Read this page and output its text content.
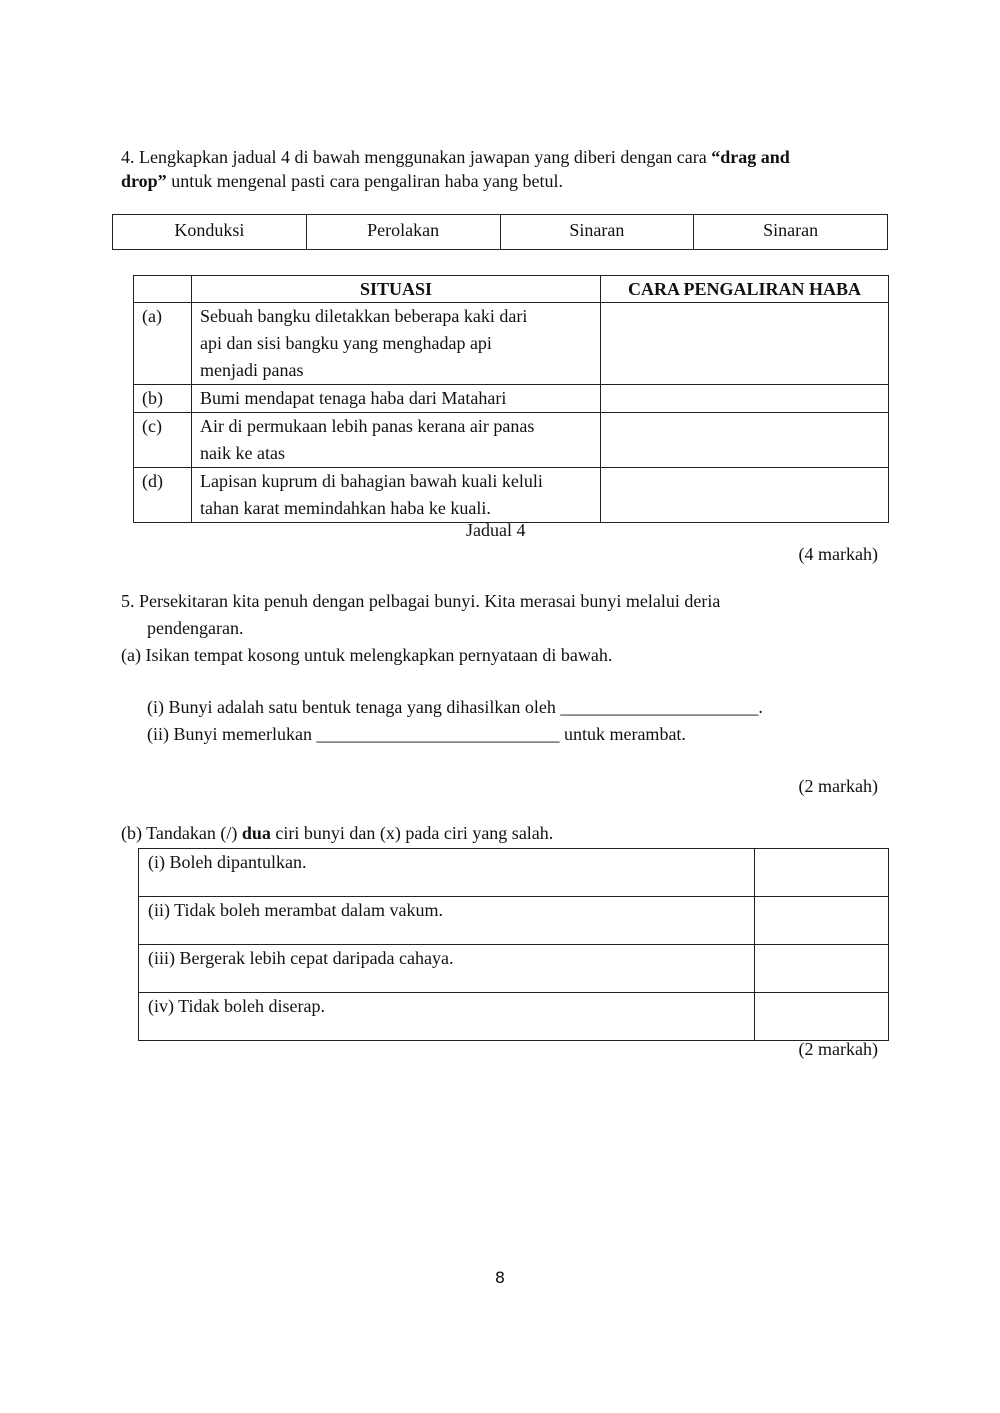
4. Lengkapkan jadual 4 di bawah menggunakan jawapan yang diberi dengan cara “drag and
drop” untuk mengenal pasti cara pengaliran haba yang betul.
Konduksi	Perolakan	Sinaran	Sinaran
	SITUASI	CARA PENGALIRAN HABA
(a)	Sebuah bangku diletakkan beberapa kaki dari
api dan sisi bangku yang menghadap api
menjadi panas	

(b)	Bumi mendapat tenaga haba dari Matahari	

(c)	Air di permukaan lebih panas kerana air panas
naik ke atas	

(d)	Lapisan kuprum di bahagian bawah kuali keluli
tahan karat memindahkan haba ke kuali.	

Jadual 4
(4 markah)
5. Persekitaran kita penuh dengan pelbagai bunyi. Kita merasai bunyi melalui deria
pendengaran.
(a) Isikan tempat kosong untuk melengkapkan pernyataan di bawah.
(i) Bunyi adalah satu bentuk tenaga yang dihasilkan oleh ______________________.
(ii) Bunyi memerlukan ___________________________ untuk merambat.
(2 markah)
(b) Tandakan (/) dua ciri bunyi dan (x) pada ciri yang salah.
(i) Boleh dipantulkan.	
(ii) Tidak boleh merambat dalam vakum.	
(iii) Bergerak lebih cepat daripada cahaya.	
(iv) Tidak boleh diserap.	
(2 markah)
8
